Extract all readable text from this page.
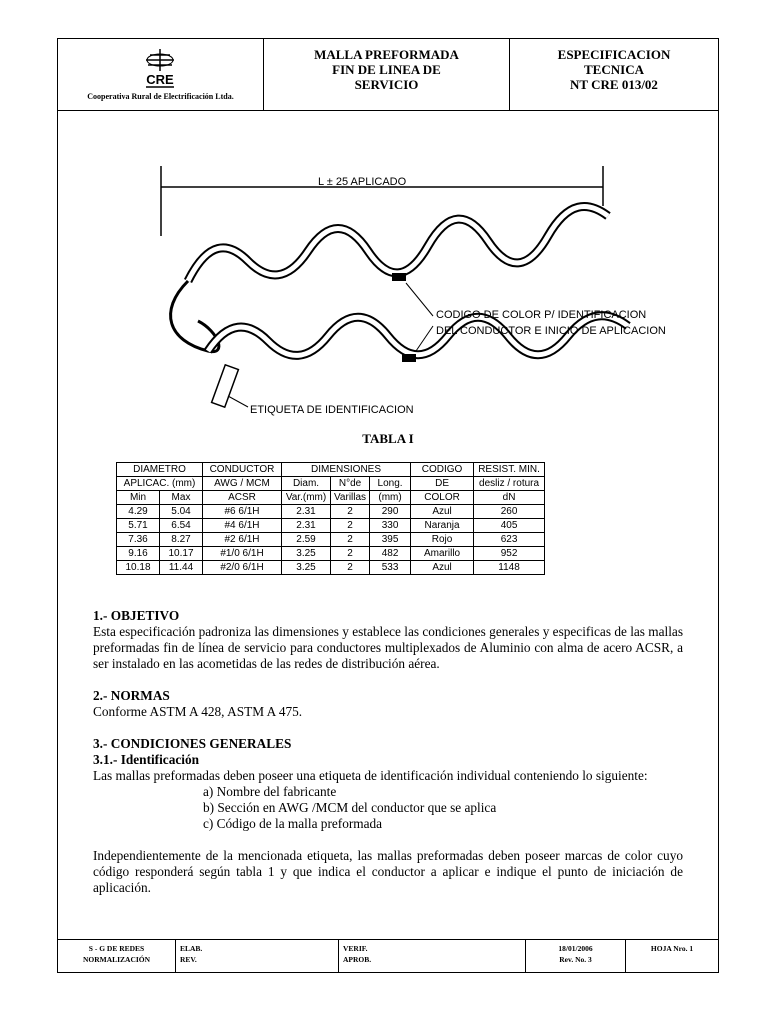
CRE
Cooperativa Rural de Electrificación Ltda.
MALLA PREFORMADA
FIN DE LINEA DE
SERVICIO
ESPECIFICACION
TECNICA
NT CRE 013/02
L ± 25 APLICADO
CODIGO DE COLOR P/ IDENTIFICACION
DEL CONDUCTOR E INICIO DE APLICACION
ETIQUETA DE IDENTIFICACION
TABLA I
DIAMETRO		CONDUCTOR	DIMENSIONES			CODIGO	RESIST. MIN.
APLICAC. (mm)		AWG / MCM	Diam.	N°de	Long.	DE	desliz / rotura
Min	Max	ACSR	Var.(mm)	Varillas	(mm)	COLOR	dN
4.29	5.04	#6 6/1H	2.31	2	290	Azul	260
5.71	6.54	#4 6/1H	2.31	2	330	Naranja	405
7.36	8.27	#2 6/1H	2.59	2	395	Rojo	623
9.16	10.17	#1/0 6/1H	3.25	2	482	Amarillo	952
10.18	11.44	#2/0 6/1H	3.25	2	533	Azul	1148
1.- OBJETIVO

Esta especificación padroniza las dimensiones y establece las condiciones generales y especificas de las mallas preformadas fin de línea de servicio para conductores multiplexados de Aluminio con alma de acero ACSR, a ser instalado en las acometidas de las redes de distribución aérea.

2.- NORMAS

Conforme ASTM A 428, ASTM A 475.

3.- CONDICIONES GENERALES
3.1.- Identificación

Las mallas preformadas deben poseer una etiqueta de identificación individual conteniendo lo siguiente:

a) Nombre del fabricante
b) Sección en AWG /MCM del conductor que se aplica
c) Código de la malla preformada

Independientemente de la mencionada etiqueta, las mallas preformadas deben poseer marcas de color cuyo código responderá según tabla 1 y que indica el conductor a aplicar e indique el punto de iniciación de aplicación.

S - G DE REDES
NORMALIZACIÓN
ELAB.
REV.
VERIF.
APROB.
18/01/2006
Rev. No. 3
HOJA Nro. 1
